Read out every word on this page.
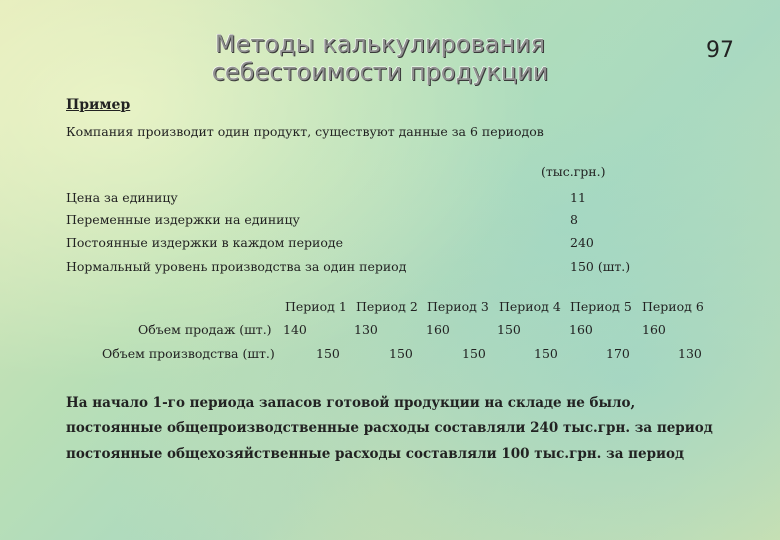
Методы калькулирования
себестоимости продукции
97
Пример
Компания производит один продукт, существуют данные за 6 периодов
(тыс.грн.)
Цена за единицу	11
Переменные издержки на единицу	8
Постоянные издержки в каждом периоде	240
Нормальный уровень производства за один период	150 (шт.)
Период 1 Период 2 Период 3 Период 4 Период 5 Период 6
Объем продаж (шт.) 140	130	160	150	160	160
Объем производства (шт.)	150	150	150	150	170	130
На начало 1-го периода запасов готовой продукции на складе не было,
постоянные общепроизводственные расходы составляли 240 тыс.грн. за период
постоянные общехозяйственные расходы составляли 100 тыс.грн. за период
